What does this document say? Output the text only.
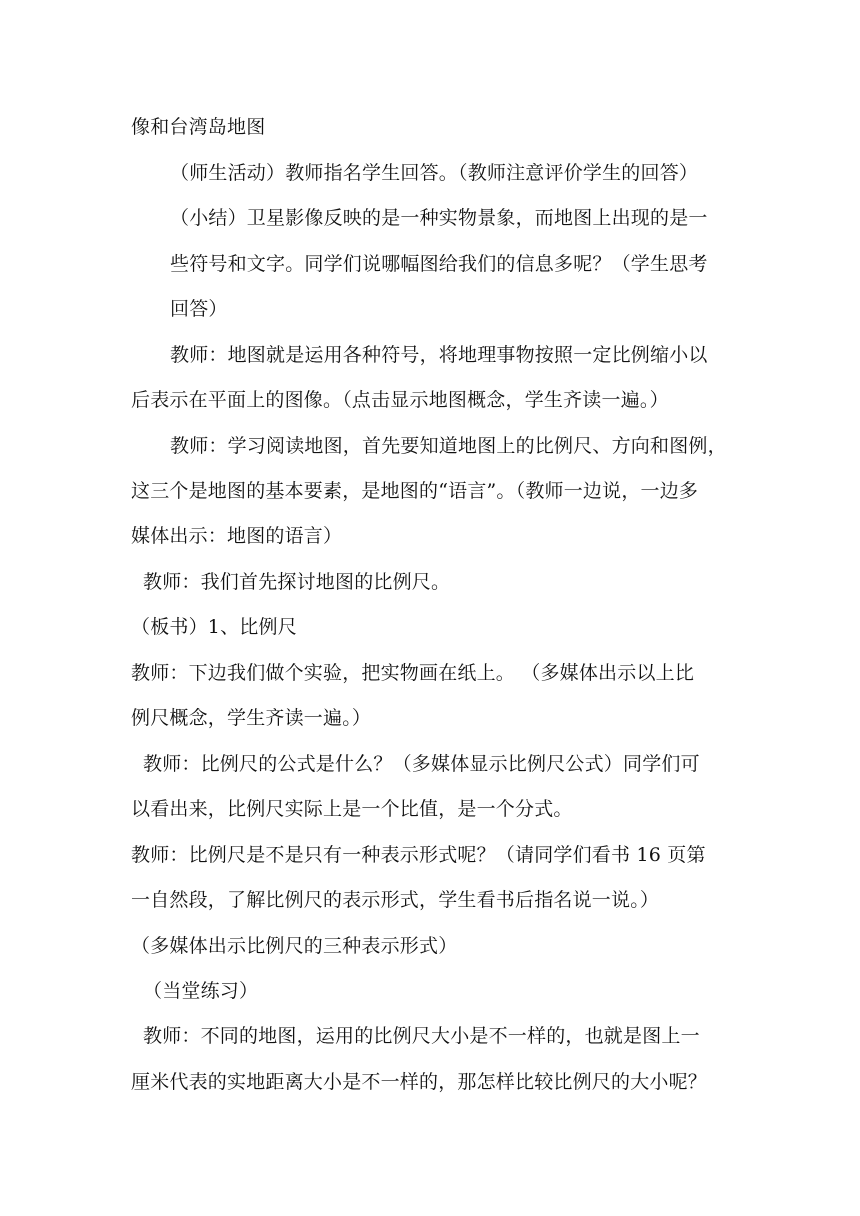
像和台湾岛地图
（师生活动）教师指名学生回答。（教师注意评价学生的回答）
（小结）卫星影像反映的是一种实物景象，而地图上出现的是一
些符号和文字。同学们说哪幅图给我们的信息多呢？（学生思考
回答）
教师：地图就是运用各种符号，将地理事物按照一定比例缩小以
后表示在平面上的图像。（点击显示地图概念，学生齐读一遍。）
教师：学习阅读地图，首先要知道地图上的比例尺、方向和图例，
这三个是地图的基本要素，是地图的“语言”。（教师一边说，一边多
媒体出示：地图的语言）
教师：我们首先探讨地图的比例尺。
（板书）1、比例尺
教师：下边我们做个实验，把实物画在纸上。 （多媒体出示以上比
例尺概念，学生齐读一遍。）
教师：比例尺的公式是什么？（多媒体显示比例尺公式）同学们可
以看出来，比例尺实际上是一个比值，是一个分式。
教师：比例尺是不是只有一种表示形式呢？（请同学们看书 16 页第
一自然段，了解比例尺的表示形式，学生看书后指名说一说。）
（多媒体出示比例尺的三种表示形式）
（当堂练习）
教师：不同的地图，运用的比例尺大小是不一样的，也就是图上一
厘米代表的实地距离大小是不一样的，那怎样比较比例尺的大小呢？
